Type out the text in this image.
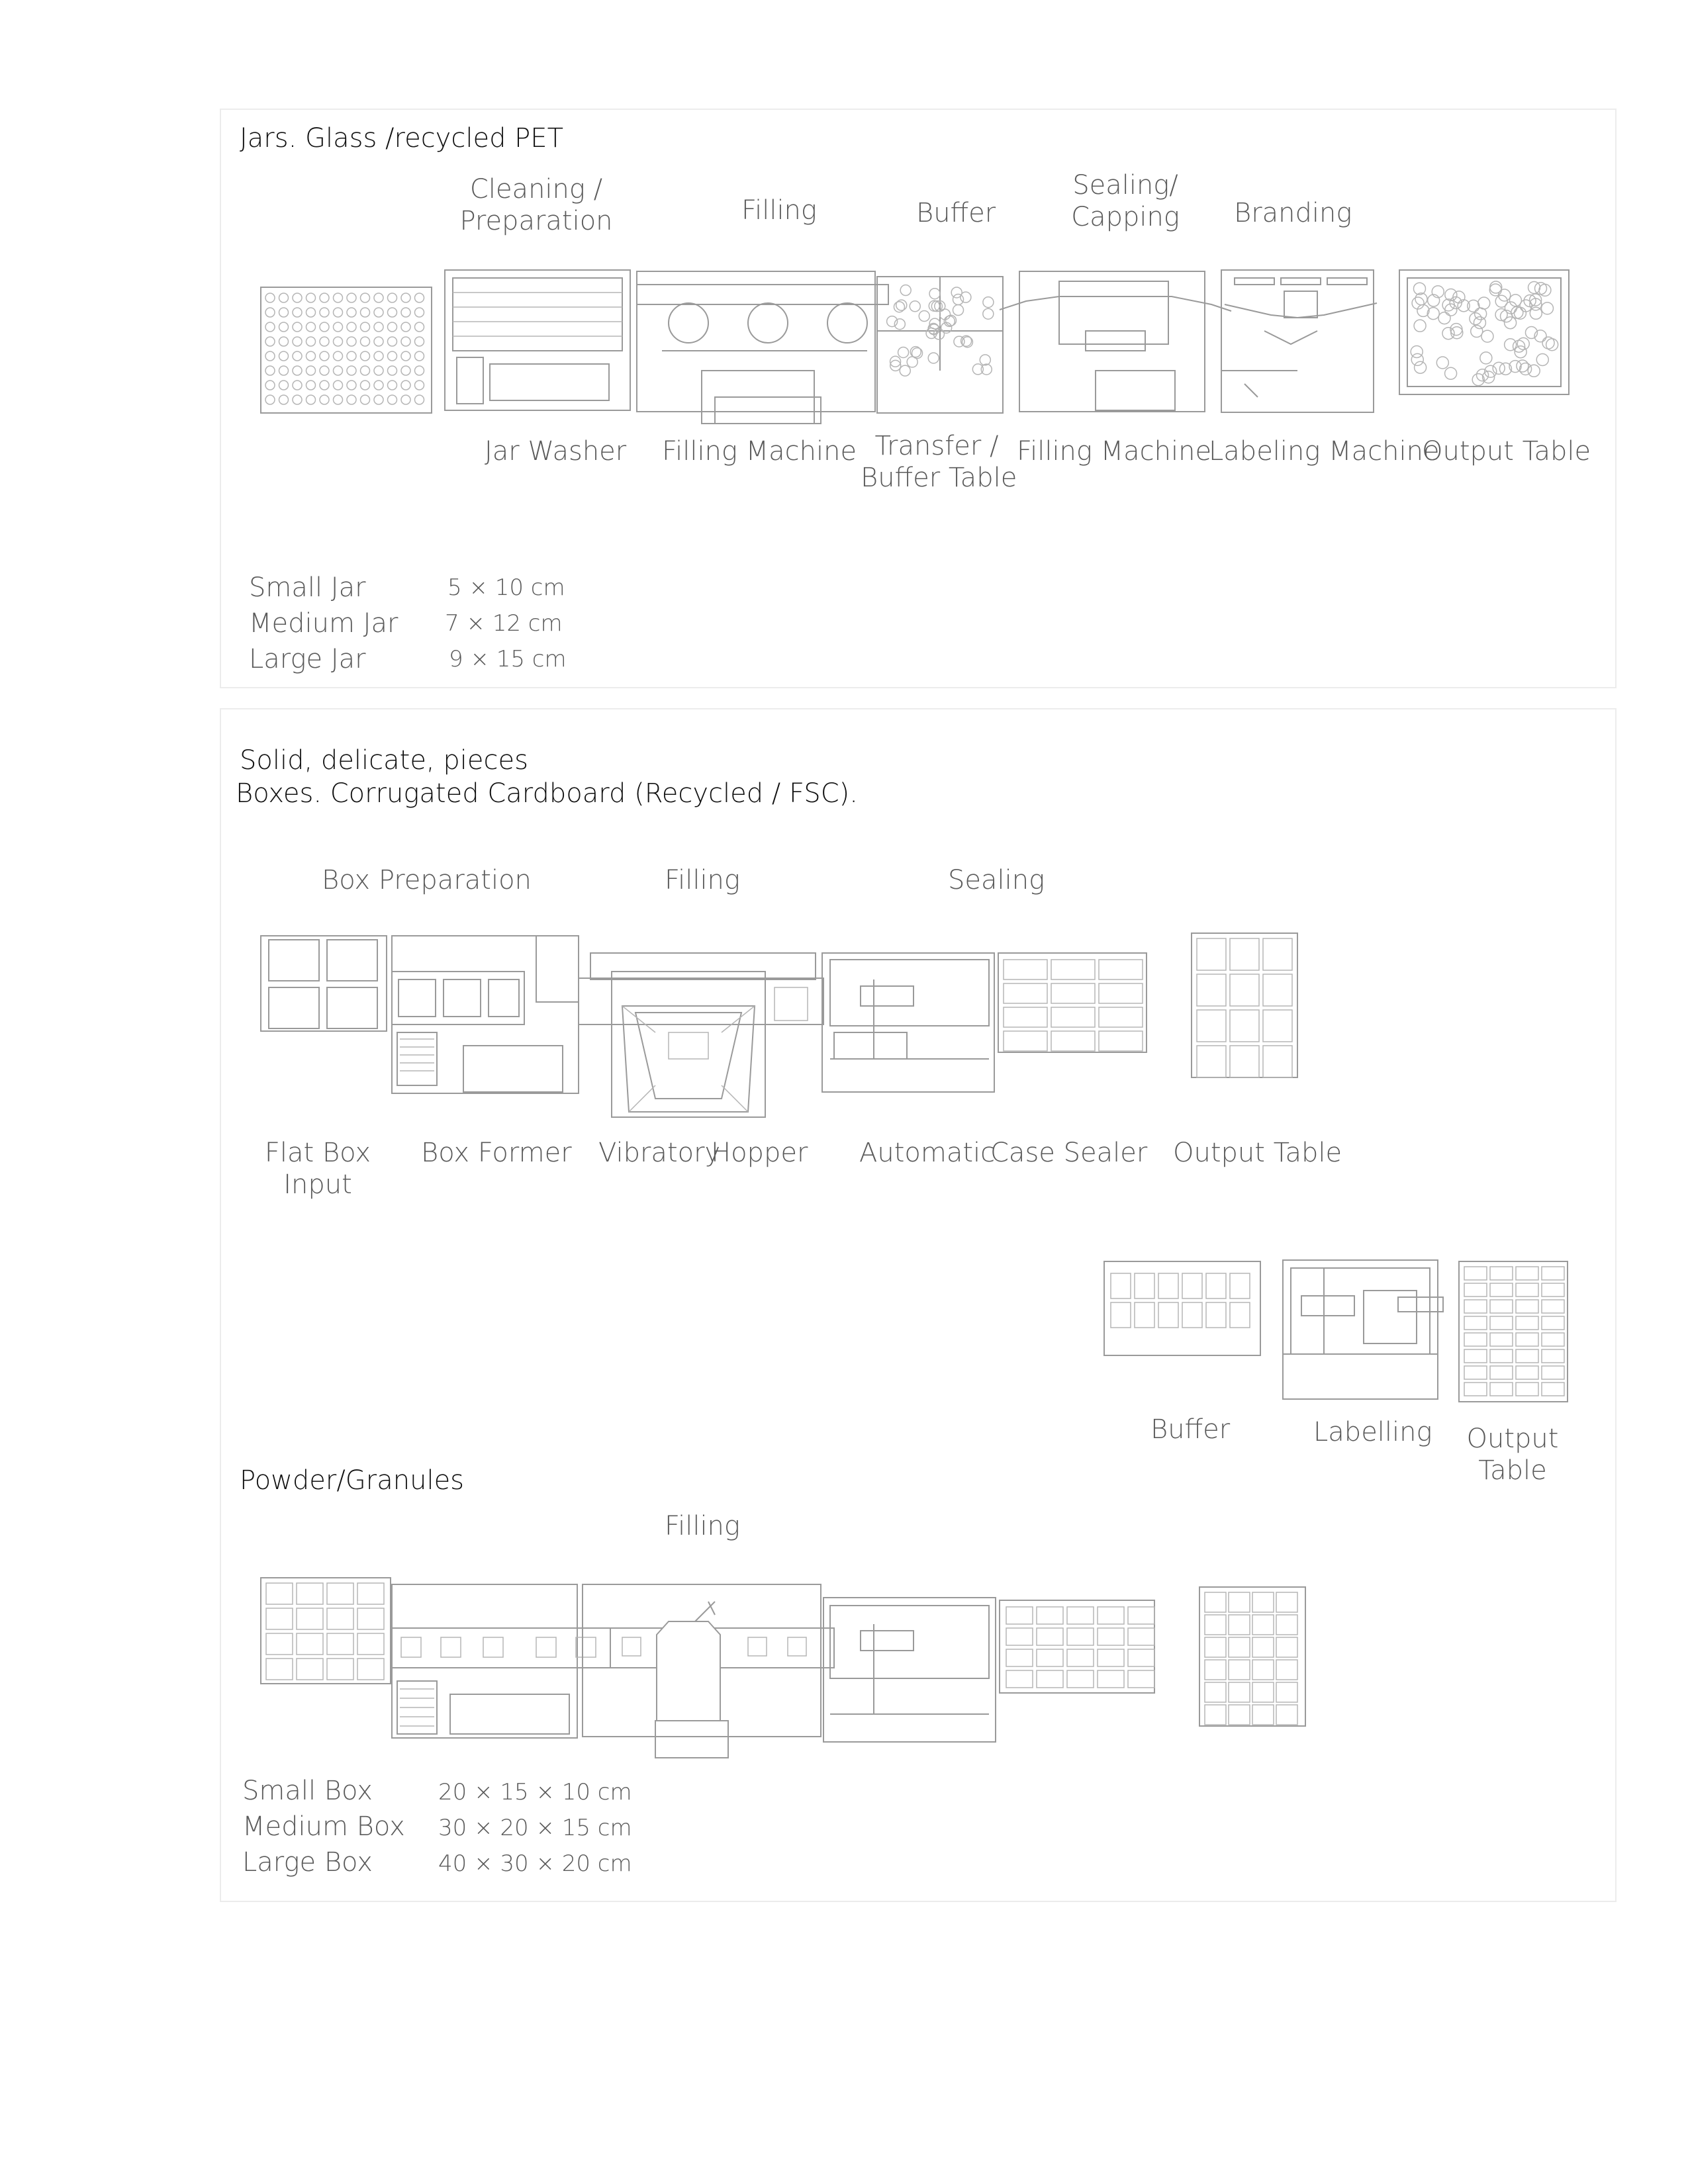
Jars. Glass /recycled PET
Cleaning /
Preparation	Filling	Buffer
Sealing/
Capping	Branding
Jar Washer Filling Machine Transfer /
Buffer Table
Filling Machine
Labeling Machine
Output Table
Small Jar	5 × 10 cm
Medium Jar 7 × 12 cm
Large Jar	9 × 15 cm
Solid, delicate, pieces
Boxes. Corrugated Cardboard (Recycled / FSC).
Box Preparation	Filling	Sealing
Flat Box
Input
Box Former Vibratory
Hopper Automatic
Case Sealer Output Table
Buffer	Labelling	Output
Table
Powder/Granules
Filling
Small Box	20 × 15 × 10 cm
Medium Box 30 × 20 × 15 cm
Large Box	40 × 30 × 20 cm
